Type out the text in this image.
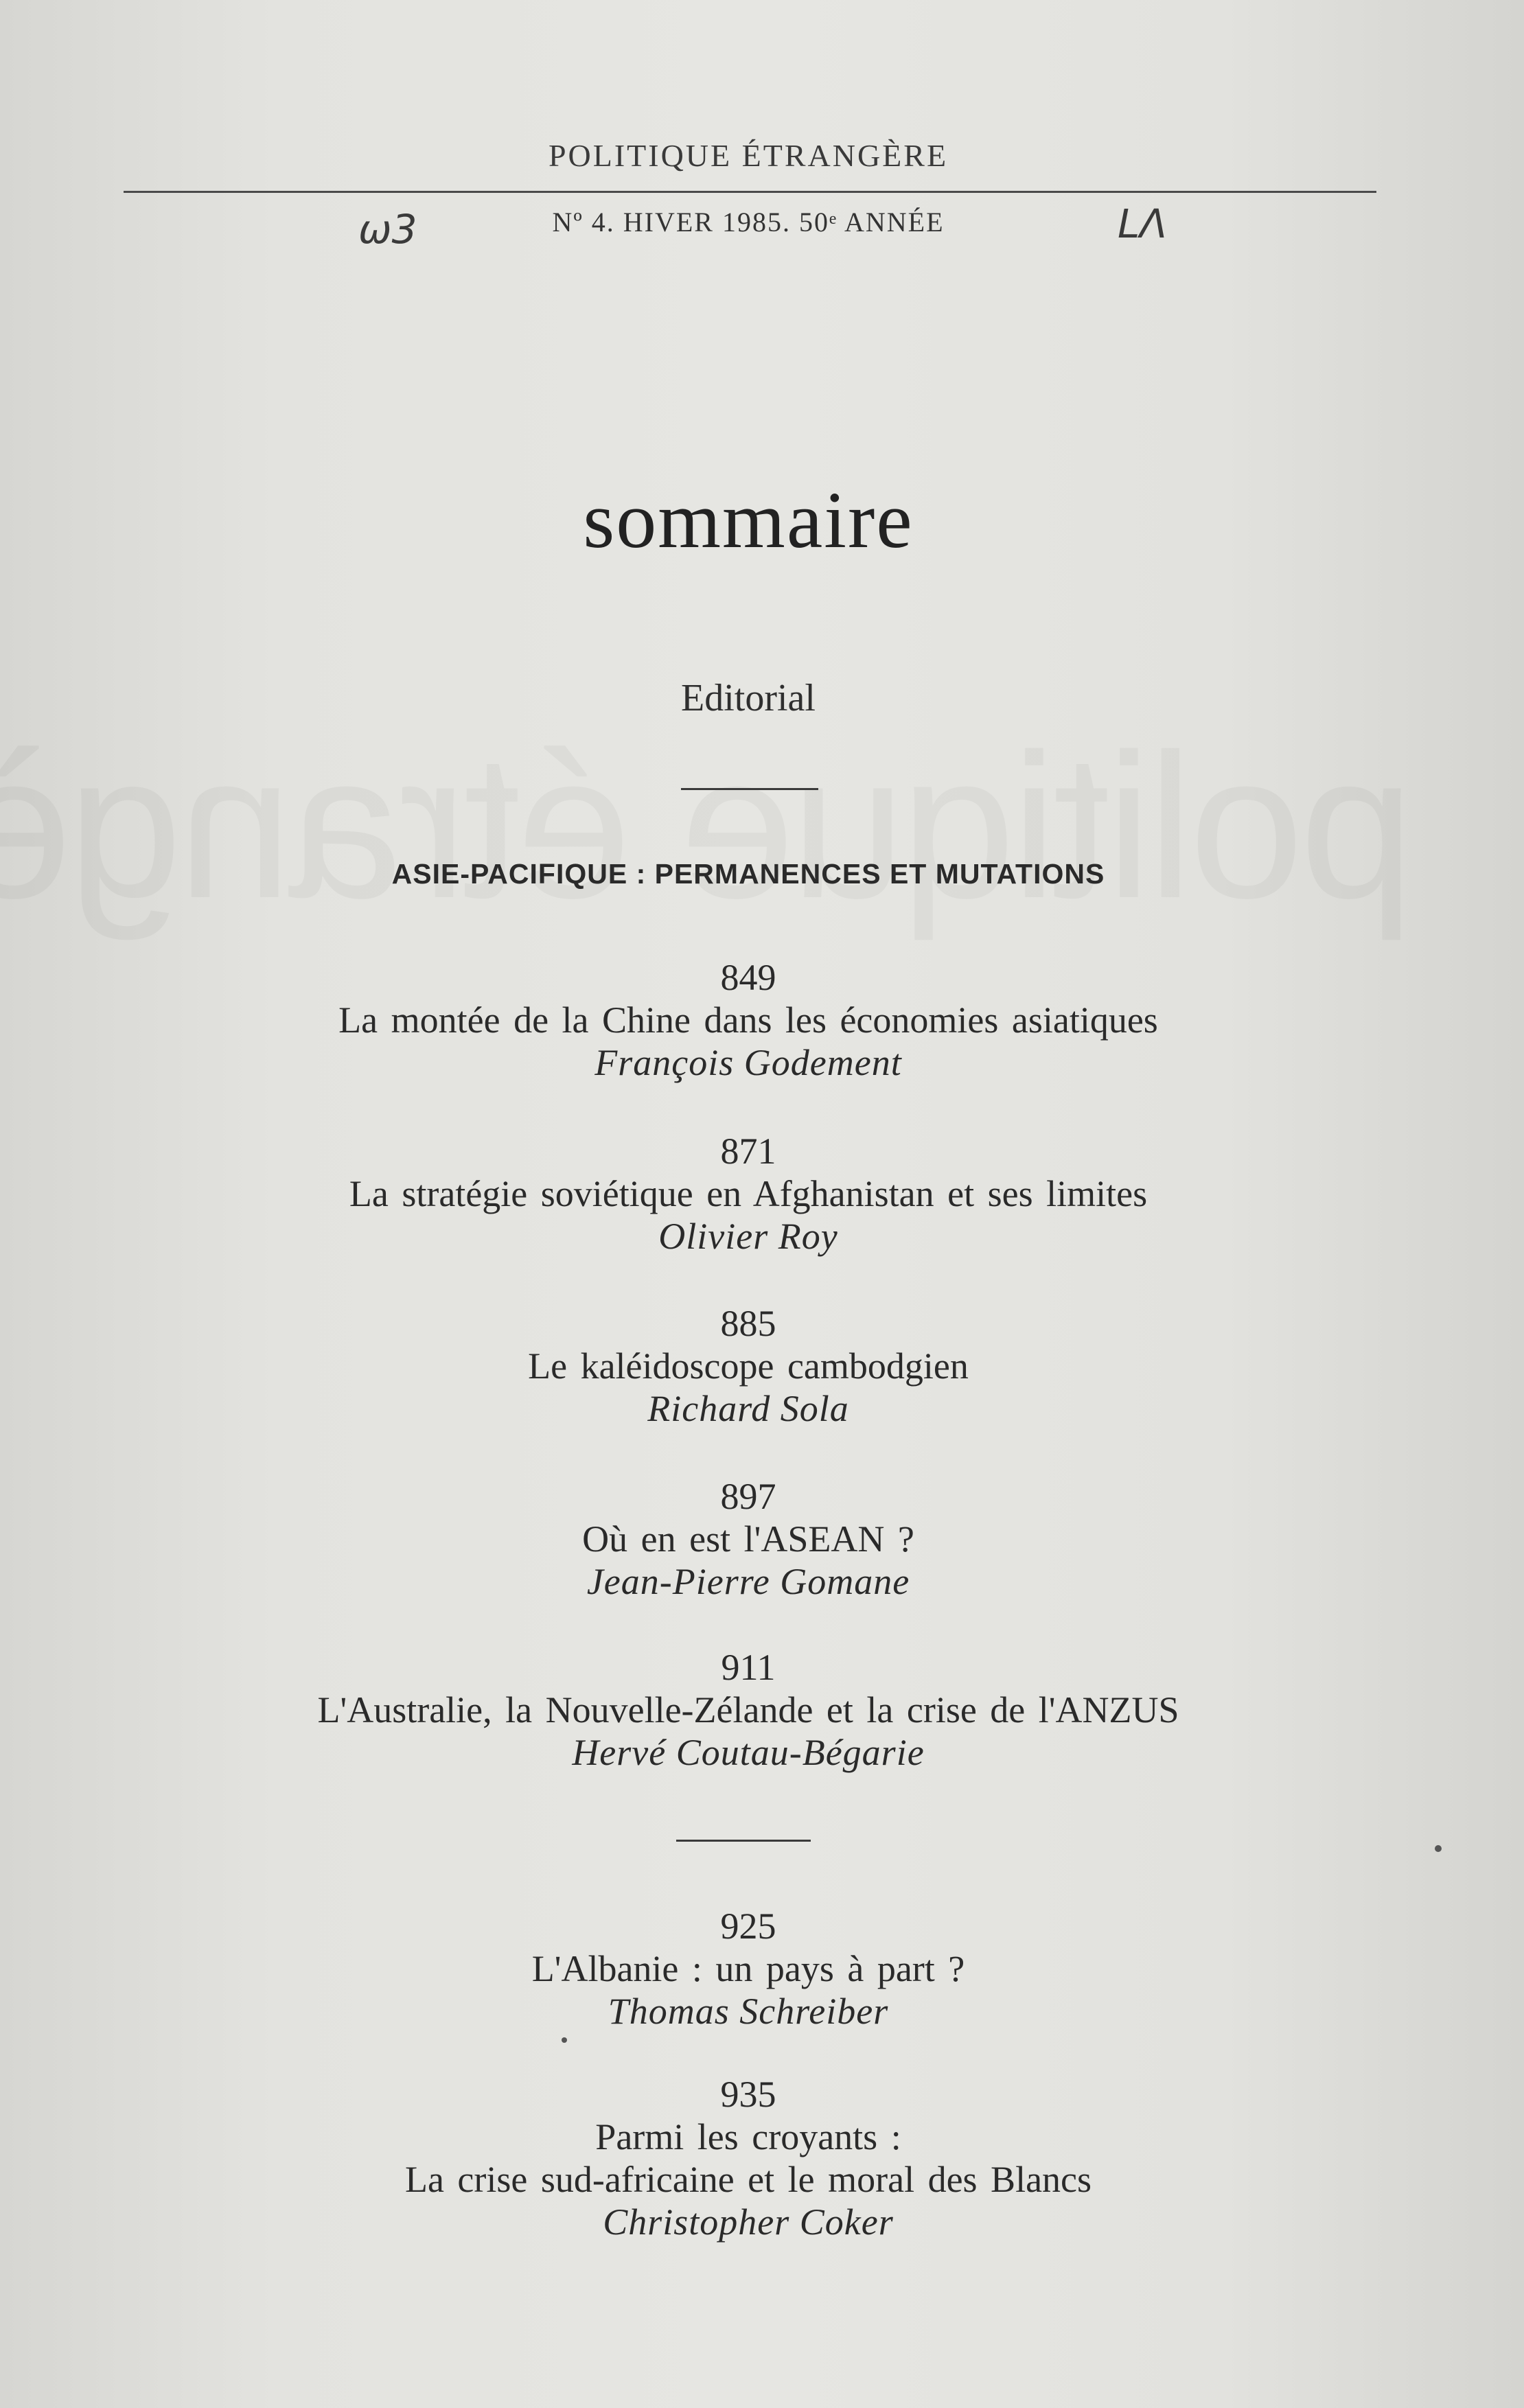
POLITIQUE ÉTRANGÈRE
Nº 4. HIVER 1985. 50ᵉ ANNÉE
ω3	ᒪΛ
sommaire
Editorial
ASIE-PACIFIQUE : PERMANENCES ET MUTATIONS
849
La montée de la Chine dans les économies asiatiques
François Godement
871
La stratégie soviétique en Afghanistan et ses limites
Olivier Roy
885
Le kaléidoscope cambodgien
Richard Sola
897
Où en est l'ASEAN ?
Jean-Pierre Gomane
911
L'Australie, la Nouvelle-Zélande et la crise de l'ANZUS
Hervé Coutau-Bégarie
925
L'Albanie : un pays à part ?
Thomas Schreiber
935
Parmi les croyants :
La crise sud-africaine et le moral des Blancs
Christopher Coker
